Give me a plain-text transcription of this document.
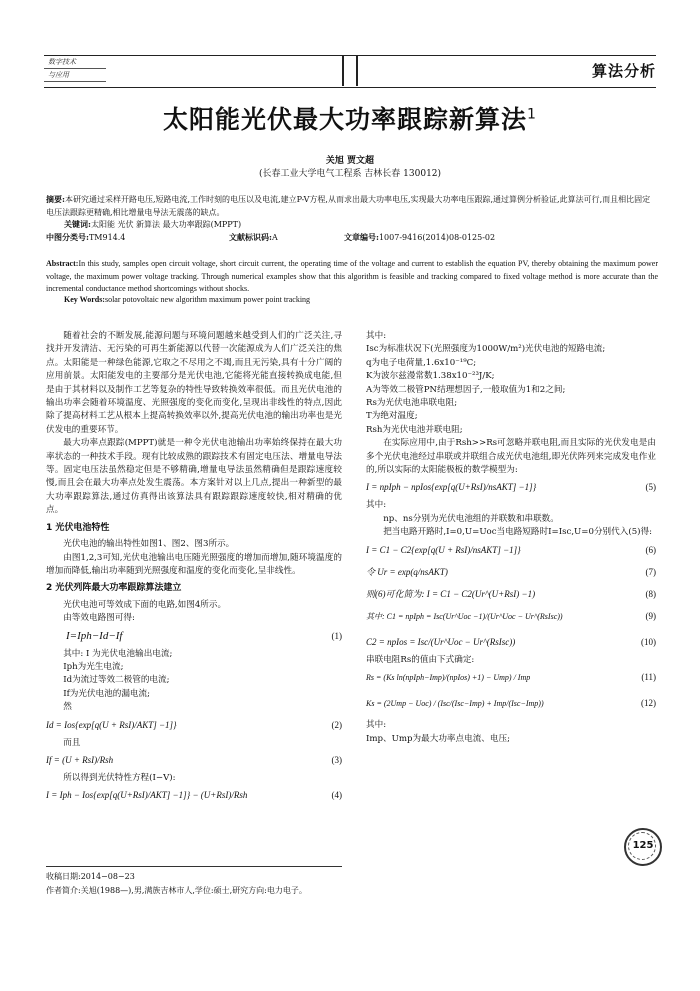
数字技术
与应用	算法分析
太阳能光伏最大功率跟踪新算法$^1$
关旭 贾文超
(长春工业大学电气工程系 吉林长春 130012)
摘要:本研究通过采样开路电压,短路电流,工作时刻的电压以及电流,建立P-V方程,从而求出最大功率电压,实现最大功率电压跟踪,通过算例分析验证,此算法可行,而且相比固定电压法跟踪更精确,相比增量电导法无震荡的缺点。
关键词:太阳能 光伏 新算法 最大功率跟踪(MPPT)
中图分类号:TM914.4	文献标识码:A	文章编号:1007-9416(2014)08-0125-02
Abstract:In this study, samples open circuit voltage, short circuit current, the operating time of the voltage and current to establish the equation PV, thereby obtaining the maximum power voltage, the maximum power voltage tracking. Through numerical examples show that this algorithm is feasible and tracking compared to fixed voltage method is more accurate than the incremental conductance method shortcomings without shocks.
Key Words:solar potovoltaic new algorithm maximum power point tracking

随着社会的不断发展,能源问题与环境问题越来越受到人们的广泛关注,寻找并开发清洁、无污染的可再生新能源以代替一次能源成为人们广泛关注的焦点。太阳能是一种绿色能源,它取之不尽用之不竭,而且无污染,具有十分广阔的应用前景。太阳能发电的主要部分是光伏电池,它能将光能直接转换成电能,但是由于其材料以及制作工艺等复杂的特性导致转换效率很低。而且光伏电池的输出功率会随着环境温度、光照强度的变化而变化,呈现出非线性的特点,因此除了提高材料工艺从根本上提高转换效率以外,提高光伏电池的输出功率也是光伏发电的重要环节。

最大功率点跟踪(MPPT)就是一种令光伏电池输出功率始终保持在最大功率状态的一种技术手段。现有比较成熟的跟踪技术有固定电压法、增量电导法等。固定电压法虽然稳定但是不够精确,增量电导法虽然精确但是跟踪速度较慢,而且会在最大功率点处发生震荡。本方案针对以上几点,提出一种新型的最大功率跟踪算法,通过仿真得出该算法具有跟踪跟踪速度较快,相对精确的优点。

1 光伏电池特性

光伏电池的输出特性如图1、图2、图3所示。

由图1,2,3可知,光伏电池输出电压随光照强度的增加而增加,随环境温度的增加而降低,输出功率随到光照强度和温度的变化而变化,呈非线性。

2 光伏列阵最大功率跟踪算法建立

光伏电池可等效成下面的电路,如图4所示。

由等效电路图可得:

I=Iph−Id−If	(1)

其中: I 为光伏电池输出电流;

Iph为光生电流;

Id为流过等效二极管的电流;

If为光伏电池的漏电流;

然

Id = Ios{exp[q(U + RsI)/AKT] −1]}	(2)

而且

If = (U + RsI)/Rsh	(3)

所以得到光伏特性方程(I−V):

I = Iph − Ios{exp[q(U+RsI)/AKT] −1]} − (U+RsI)/Rsh	(4)

其中:

Isc为标准状况下(光照强度为1000W/m²)光伏电池的短路电流;

q为电子电荷量,1.6x10⁻¹⁹C;

K为波尔兹漫常数1.38x10⁻²³J/K;

A为等效二极管PN结理想因子,一般取值为1和2之间;

Rs为光伏电池串联电阻;

T为绝对温度;

Rsh为光伏电池并联电阻;

在实际应用中,由于Rsh>>Rs可忽略并联电阻,而且实际的光伏发电是由多个光伏电池经过串联或并联组合成光伏电池组,即光伏阵列来完成发电作业的,所以实际的太阳能极板的数学模型为:

I = npIph − npIos{exp[q(U+RsI)/nsAKT] −1]}	(5)

其中:

np、ns分别为光伏电池组的并联数和串联数。

把当电路开路时,I=0,U=Uoc当电路短路时I=Isc,U=0分别代入(5)得:

I = C1 − C2{exp[q(U + RsI)/nsAKT] −1]}	(6)
令 Ur = exp(q/nsAKT)	(7)
则(6)可化简为: I = C1 − C2(Ur^(U+RsI) −1)	(8)
其中: C1 = npIph = Isc(Ur^Uoc −1)/(Ur^Uoc − Ur^(RsIsc))	(9)
C2 = npIos = Isc/(Ur^Uoc − Ur^(RsIsc))	(10)

串联电阻Rs的值由下式确定:

Rs = (Ks ln(npIph−Imp)/(npIos) +1) − Ump) / Imp	(11)
Ks = (2Ump − Uoc) / (Isc/(Isc−Imp) + Imp/(Isc−Imp))	(12)

其中:

Imp、Ump为最大功率点电流、电压;

收稿日期:2014−08−23
作者简介:关旭(1988—),男,满族吉林市人,学位:硕士,研究方向:电力电子。
125
